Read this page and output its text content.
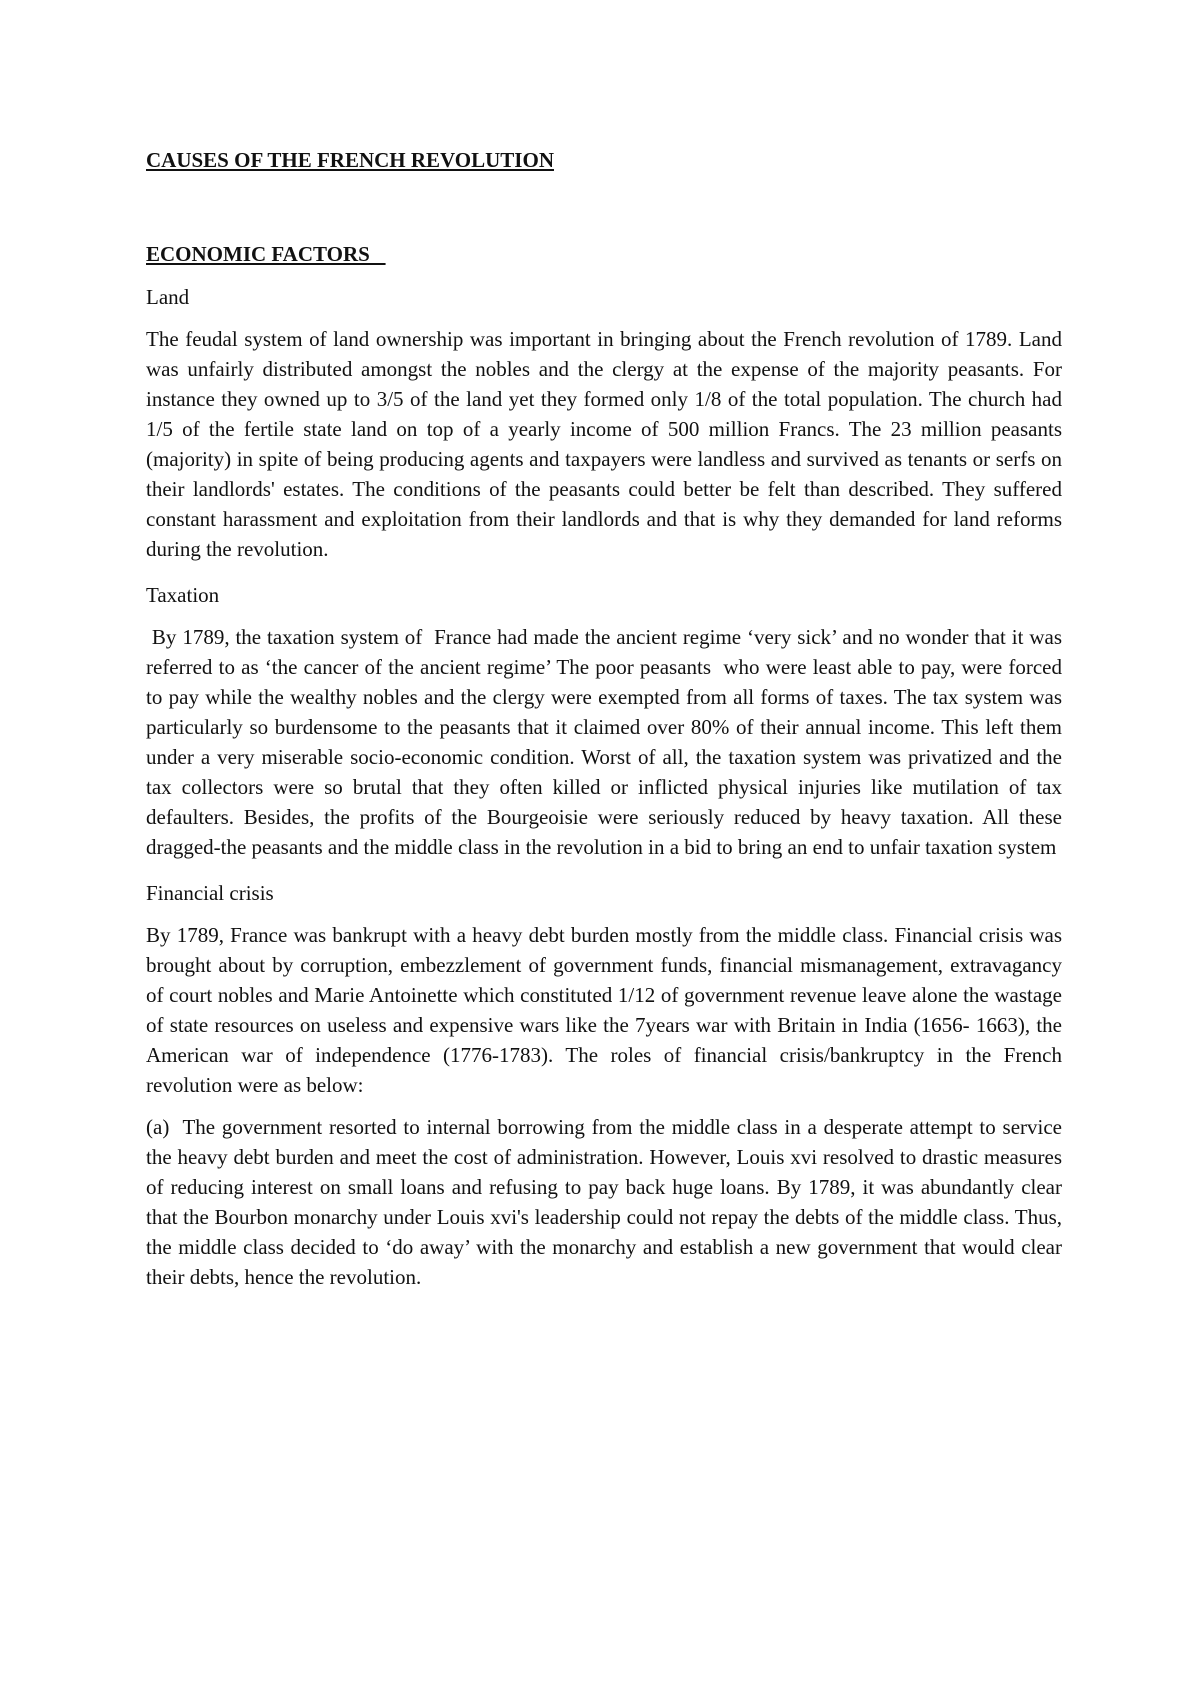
CAUSES OF THE FRENCH REVOLUTION
ECONOMIC FACTORS
Land

The feudal system of land ownership was important in bringing about the French revolution of 1789. Land was unfairly distributed amongst the nobles and the clergy at the expense of the majority peasants. For instance they owned up to 3/5 of the land yet they formed only 1/8 of the total population. The church had 1/5 of the fertile state land on top of a yearly income of 500 million Francs. The 23 million peasants (majority) in spite of being producing agents and taxpayers were landless and survived as tenants or serfs on their landlords' estates. The conditions of the peasants could better be felt than described. They suffered constant harassment and exploitation from their landlords and that is why they demanded for land reforms during the revolution.

Taxation

By 1789, the taxation system of  France had made the ancient regime ‘very sick’ and no wonder that it was referred to as ‘the cancer of the ancient regime’ The poor peasants  who were least able to pay, were forced to pay while the wealthy nobles and the clergy were exempted from all forms of taxes. The tax system was particularly so burdensome to the peasants that it claimed over 80% of their annual income. This left them under a very miserable socio-economic condition. Worst of all, the taxation system was privatized and the tax collectors were so brutal that they often killed or inflicted physical injuries like mutilation of tax defaulters. Besides, the profits of the Bourgeoisie were seriously reduced by heavy taxation. All these dragged-the peasants and the middle class in the revolution in a bid to bring an end to unfair taxation system

Financial crisis

By 1789, France was bankrupt with a heavy debt burden mostly from the middle class. Financial crisis was brought about by corruption, embezzlement of government funds, financial mismanagement, extravagancy of court nobles and Marie Antoinette which constituted 1/12 of government revenue leave alone the wastage of state resources on useless and expensive wars like the 7years war with Britain in India (1656- 1663), the American war of independence (1776-1783). The roles of financial crisis/bankruptcy in the French revolution were as below:

(a)  The government resorted to internal borrowing from the middle class in a desperate attempt to service the heavy debt burden and meet the cost of administration. However, Louis xvi resolved to drastic measures of reducing interest on small loans and refusing to pay back huge loans. By 1789, it was abundantly clear that the Bourbon monarchy under Louis xvi's leadership could not repay the debts of the middle class. Thus, the middle class decided to ‘do away’ with the monarchy and establish a new government that would clear their debts, hence the revolution.
